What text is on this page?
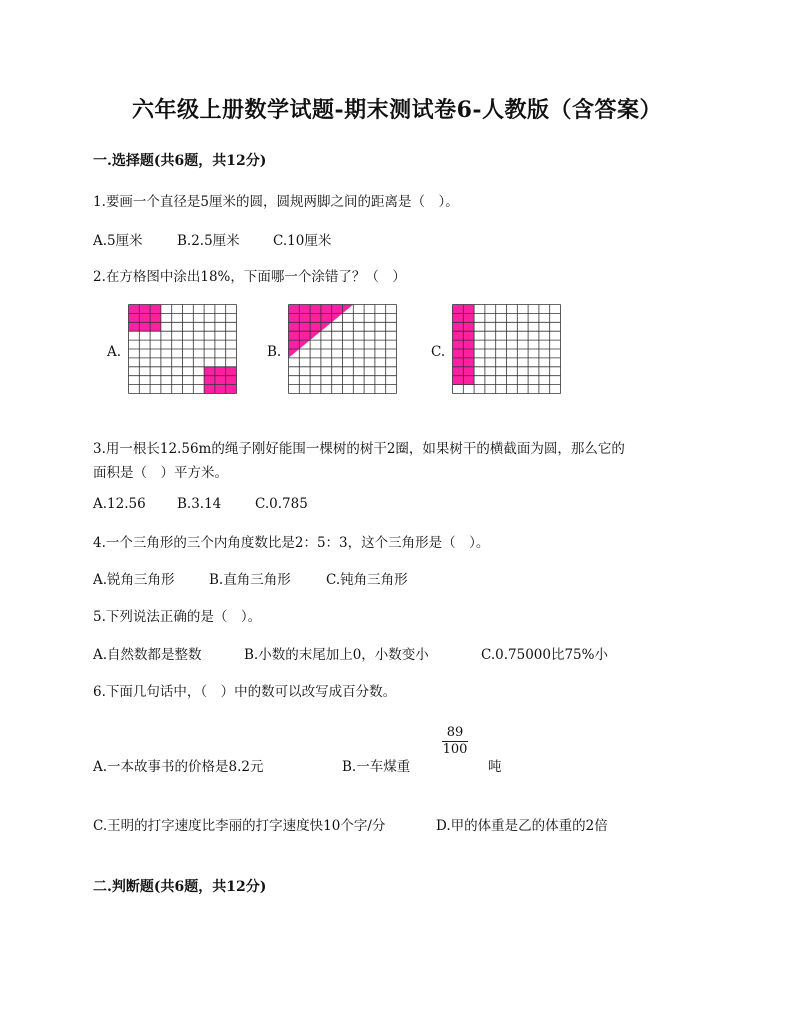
六年级上册数学试题-期末测试卷6-人教版（含答案）
一.选择题(共6题，共12分)
1.要画一个直径是5厘米的圆，圆规两脚之间的距离是（　）。
A.5厘米	B.2.5厘米 C.10厘米
2.在方格图中涂出18%，下面哪一个涂错了？（　）
A.	B.	C.
3.用一根长12.56m的绳子刚好能围一棵树的树干2圈，如果树干的横截面为圆，那么它的
面积是（　）平方米。
A.12.56 B.3.14 C.0.785
4.一个三角形的三个内角度数比是2：5：3，这个三角形是（　）。
A.锐角三角形	B.直角三角形	C.钝角三角形
5.下列说法正确的是（　）。
A.自然数都是整数	B.小数的末尾加上0，小数变小	C.0.75000比75%小
6.下面几句话中，（　）中的数可以改写成百分数。
A.一本故事书的价格是8.2元	B.一车煤重
89
100
吨
C.王明的打字速度比李丽的打字速度快10个字/分	D.甲的体重是乙的体重的2倍
二.判断题(共6题，共12分)
